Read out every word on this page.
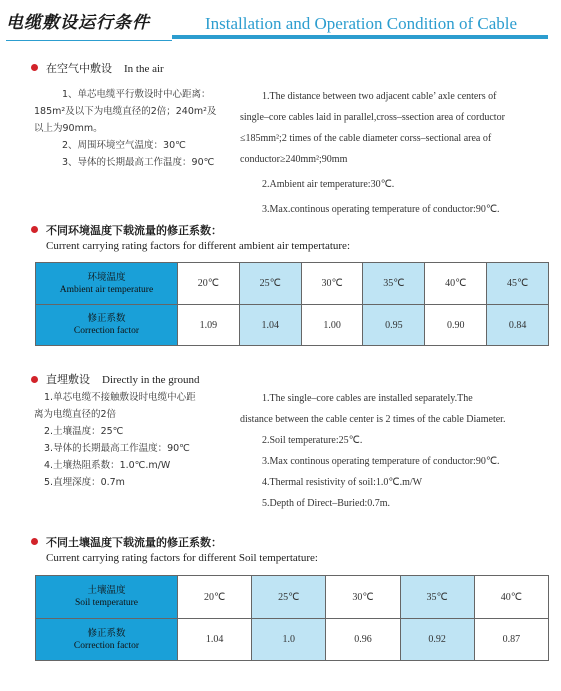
电缆敷设运行条件	Installation and Operation Condition of Cable
在空气中敷设 In the air
1、单芯电缆平行敷设时中心距离：
185m²及以下为电缆直径的2倍；240m²及
以上为90mm。
2、周围环境空气温度：30℃
3、导体的长期最高工作温度：90℃
1.The distance between two adjacent cable’ axle centers of
single–core cables laid in parallel,cross–ssection area of corductor
≤185mm²;2 times of the cable diameter corss–sectional area of
conductor≥240mm²;90mm
2.Ambient air temperature:30℃.
3.Max.continous operating temperature of conductor:90℃.
不同环境温度下载流量的修正系数：
Current carrying rating factors for different ambient air tempertature:
环境温度
Ambient air temperature	20℃	25℃	30℃	35℃	40℃	45℃

修正系数
Correction factor	1.09	1.04	1.00	0.95	0.90	0.84
直埋敷设 Directly in the ground
1.单芯电缆不接触敷设时电缆中心距
离为电缆直径的2倍
2.土壤温度：25℃
3.导体的长期最高工作温度：90℃
4.土壤热阻系数：1.0℃.m/W
5.直埋深度：0.7m
1.The single–core cables are installed separately.The
distance between the cable center is 2 times of the cable Diameter.
2.Soil temperature:25℃.
3.Max continous operating temperature of conductor:90℃.
4.Thermal resistivity of soil:1.0℃.m/W
5.Depth of Direct–Buried:0.7m.
不同土壤温度下载流量的修正系数：
Current carrying rating factors for different Soil tempertature:
土壤温度
Soil temperature	20℃	25℃	30℃	35℃	40℃

修正系数
Correction factor	1.04	1.0	0.96	0.92	0.87
